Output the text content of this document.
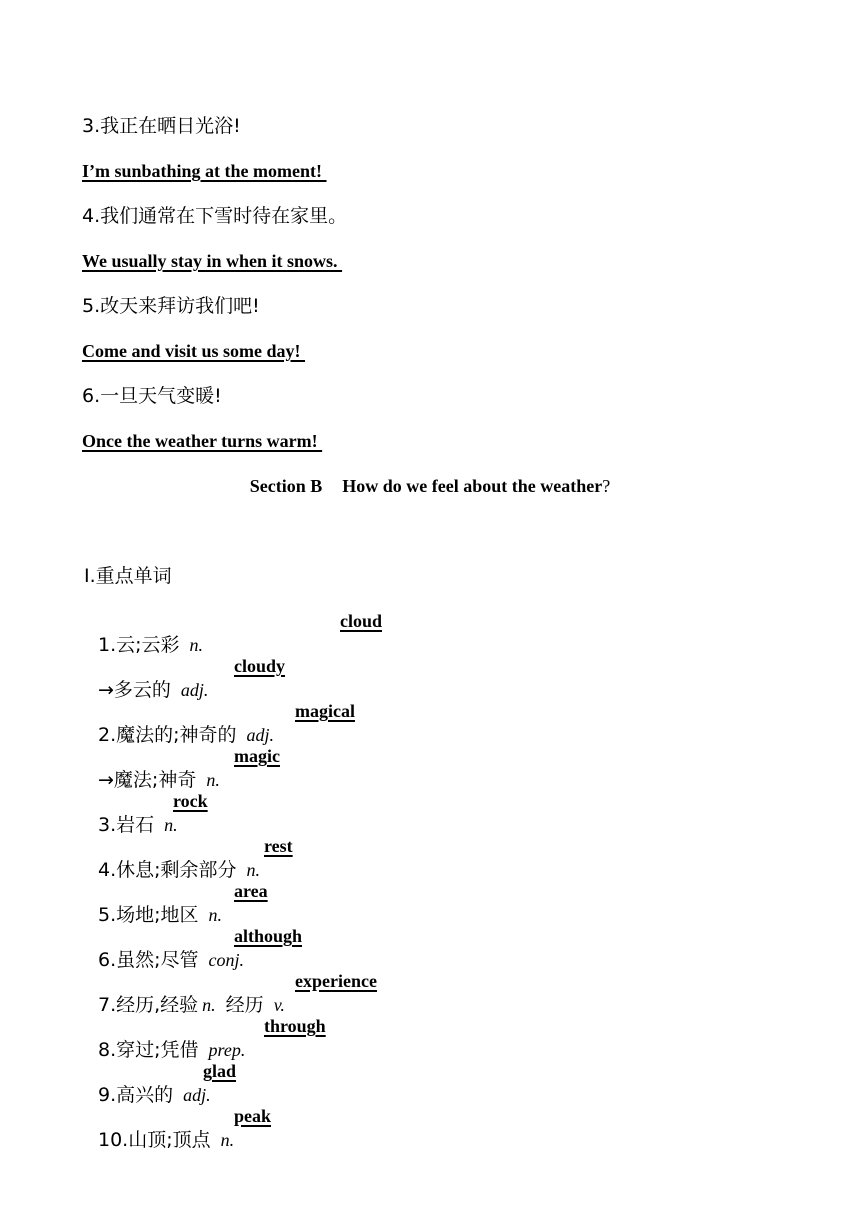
3.我正在晒日光浴!
I’m sunbathing at the moment!
4.我们通常在下雪时待在家里。
We usually stay in when it snows.
5.改天来拜访我们吧!
Come and visit us some day!
6.一旦天气变暖!
Once the weather turns warm!
Section B How do we feel about the weather?
Ⅰ.重点单词

1.云;云彩 n.

cloud

→多云的 adj.

cloudy

2.魔法的;神奇的 adj.

magical

→魔法;神奇 n.

magic

3.岩石 n.

rock

4.休息;剩余部分 n.

rest

5.场地;地区 n.

area

6.虽然;尽管 conj.

although

7.经历,经验 n. 经历 v.

experience

8.穿过;凭借 prep.

through

9.高兴的 adj.

glad

10.山顶;顶点 n.

peak
